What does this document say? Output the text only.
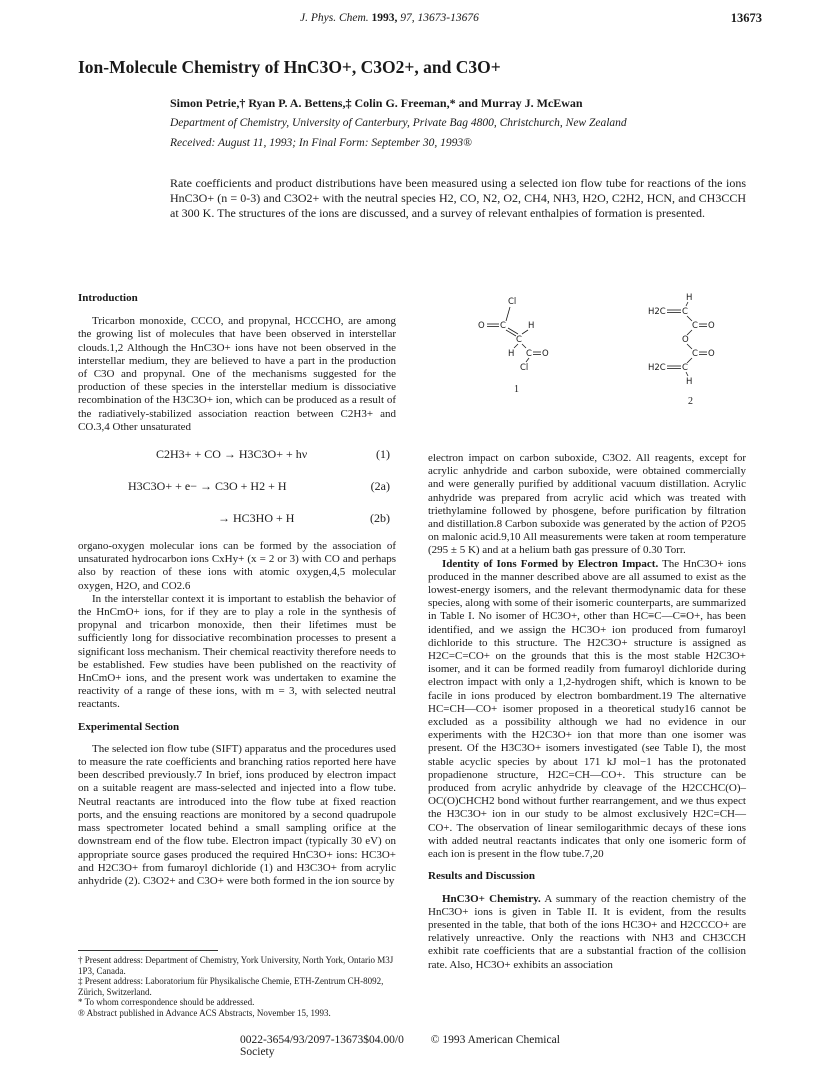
J. Phys. Chem. 1993, 97, 13673-13676	13673
Ion-Molecule Chemistry of HnC3O+, C3O2+, and C3O+
Simon Petrie,† Ryan P. A. Bettens,‡ Colin G. Freeman,* and Murray J. McEwan
Department of Chemistry, University of Canterbury, Private Bag 4800, Christchurch, New Zealand
Received: August 11, 1993; In Final Form: September 30, 1993®
Rate coefficients and product distributions have been measured using a selected ion flow tube for reactions of the ions HnC3O+ (n = 0-3) and C3O2+ with the neutral species H2, CO, N2, O2, CH4, NH3, H2O, C2H2, HCN, and CH3CCH at 300 K. The structures of the ions are discussed, and a survey of relevant enthalpies of formation is presented.

Introduction

Tricarbon monoxide, CCCO, and propynal, HCCCHO, are among the growing list of molecules that have been observed in interstellar clouds.1,2 Although the HnC3O+ ions have not been observed in the interstellar medium, they are believed to have a part in the production of C3O and propynal. One of the mechanisms suggested for the production of these species in the interstellar medium is dissociative recombination of the H3C3O+ ion, which can be produced as a result of the radiatively-stabilized association reaction between C2H3+ and CO.3,4 Other unsaturated

C2H3+ + CO → H3C3O+ + hν	(1)
H3C3O+ + e− → C3O + H2 + H	(2a)
→ HC3HO + H	(2b)

organo-oxygen molecular ions can be formed by the association of unsaturated hydrocarbon ions CxHy+ (x = 2 or 3) with CO and perhaps also by reaction of these ions with atomic oxygen,4,5 molecular oxygen, H2O, and CO2.6

In the interstellar context it is important to establish the behavior of the HnCmO+ ions, for if they are to play a role in the synthesis of propynal and tricarbon monoxide, then their lifetimes must be sufficiently long for dissociative recombination processes to present a significant loss mechanism. Their chemical reactivity therefore needs to be established. Few studies have been published on the reactivity of HnCmO+ ions, and the present work was undertaken to examine the reactivity of a range of these ions, with m = 3, with selected neutral reactants.

Experimental Section

The selected ion flow tube (SIFT) apparatus and the procedures used to measure the rate coefficients and branching ratios reported here have been described previously.7 In brief, ions produced by electron impact on a suitable reagent are mass-selected and injected into a flow tube. Neutral reactants are introduced into the flow tube at fixed reaction ports, and the ensuing reactions are monitored by a second quadrupole mass spectrometer located behind a small sampling orifice at the downstream end of the flow tube. Electron impact (typically 30 eV) on appropriate source gases produced the required HnC3O+ ions: HC3O+ and H2C3O+ from fumaroyl dichloride (1) and H3C3O+ from acrylic anhydride (2). C3O2+ and C3O+ were both formed in the ion source by

Cl
O C	H
C
H C O
Cl
1
H
H2C C
C O
O
C O
H2C C
H
2

electron impact on carbon suboxide, C3O2. All reagents, except for acrylic anhydride and carbon suboxide, were obtained commercially and were generally purified by additional vacuum distillation. Acrylic anhydride was prepared from acrylic acid which was treated with triethylamine followed by phosgene, before purification by filtration and distillation.8 Carbon suboxide was generated by the action of P2O5 on malonic acid.9,10 All measurements were taken at room temperature (295 ± 5 K) and at a helium bath gas pressure of 0.30 Torr.

Identity of Ions Formed by Electron Impact. The HnC3O+ ions produced in the manner described above are all assumed to exist as the lowest-energy isomers, and the relevant thermodynamic data for these species, along with some of their isomeric counterparts, are summarized in Table I. No isomer of HC3O+, other than HC≡C—C≡O+, has been identified, and we assign the HC3O+ ion produced from fumaroyl dichloride to this structure. The H2C3O+ structure is assigned as H2C=C=CO+ on the grounds that this is the most stable H2C3O+ isomer, and it can be formed readily from fumaroyl dichloride during electron impact with only a 1,2-hydrogen shift, which is known to be facile in ions produced by electron bombardment.19 The alternative HC=CH—CO+ isomer proposed in a theoretical study16 cannot be excluded as a possibility although we had no evidence in our experiments with the H2C3O+ ion that more than one isomer was present. Of the H3C3O+ isomers investigated (see Table I), the most stable acyclic species by about 171 kJ mol−1 has the protonated propadienone structure, H2C=CH—CO+. This structure can be produced from acrylic anhydride by cleavage of the H2CCHC(O)–OC(O)CHCH2 bond without further rearrangement, and we thus expect the H3C3O+ ion in our study to be almost exclusively H2C=CH—CO+. The observation of linear semilogarithmic decays of these ions with added neutral reactants indicates that only one isomeric form of each ion is present in the flow tube.7,20

Results and Discussion

HnC3O+ Chemistry. A summary of the reaction chemistry of the HnC3O+ ions is given in Table II. It is evident, from the results presented in the table, that both of the ions HC3O+ and H2CCCO+ are relatively unreactive. Only the reactions with NH3 and CH3CCH exhibit rate coefficients that are a substantial fraction of the collision rate. Also, HC3O+ exhibits an association

† Present address: Department of Chemistry, York University, North York, Ontario M3J 1P3, Canada.
‡ Present address: Laboratorium für Physikalische Chemie, ETH-Zentrum CH-8092, Zürich, Switzerland.
* To whom correspondence should be addressed.
® Abstract published in Advance ACS Abstracts, November 15, 1993.
0022-3654/93/2097-13673$04.00/0 © 1993 American Chemical Society
